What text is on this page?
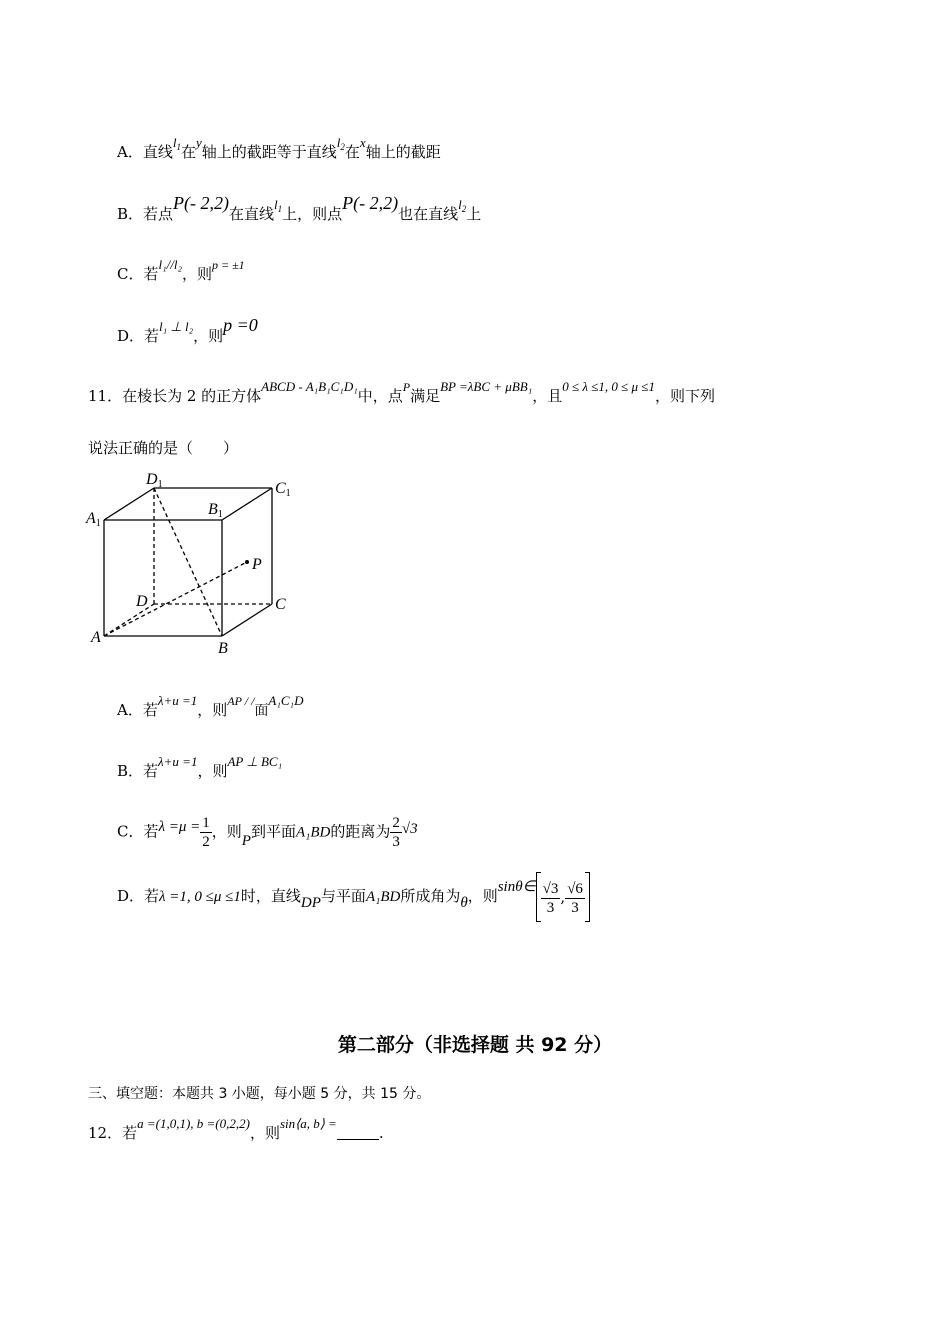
A．直线$l_1$在y轴上的截距等于直线$l_2$在x轴上的截距
B．若点P(- 2,2)在直线$l_1$上，则点P(- 2,2)也在直线$l_2$上
C．若l₁//l₂，则$^{p = \pm 1}$
D．若l₁ ⊥ l₂，则p =0
11．在棱长为 2 的正方体ABCD - A₁B₁C₁D₁中，点$^P$满足BP =λBC + μBB₁，且0 ≤ λ ≤1, 0 ≤ μ ≤1，则下列
说法正确的是（　　）
D1	C1
A1
B1
P
D	C
A
B
A．若λ+u =1，则$^{AP / /}$面A₁C₁D
B．若λ+u =1，则AP ⊥ BC₁
C．若$\lambda =\mu = \frac{1}{2}$ ，则P到平面A₁BD的距离为 $\frac{2}{3} √3$
D．若λ =1, 0 ≤μ ≤1时，直线DP与平面A₁BD所成角为θ，则sinθ∈ $\frac{√3}{3}$ , $\frac{√6}{3}$
第二部分（非选择题 共 92 分）
三、填空题：本题共 3 小题，每小题 5 分，共 15 分。
12．若a =(1,0,1), b =(0,2,2)，则sin⟨a, b⟩ =.
